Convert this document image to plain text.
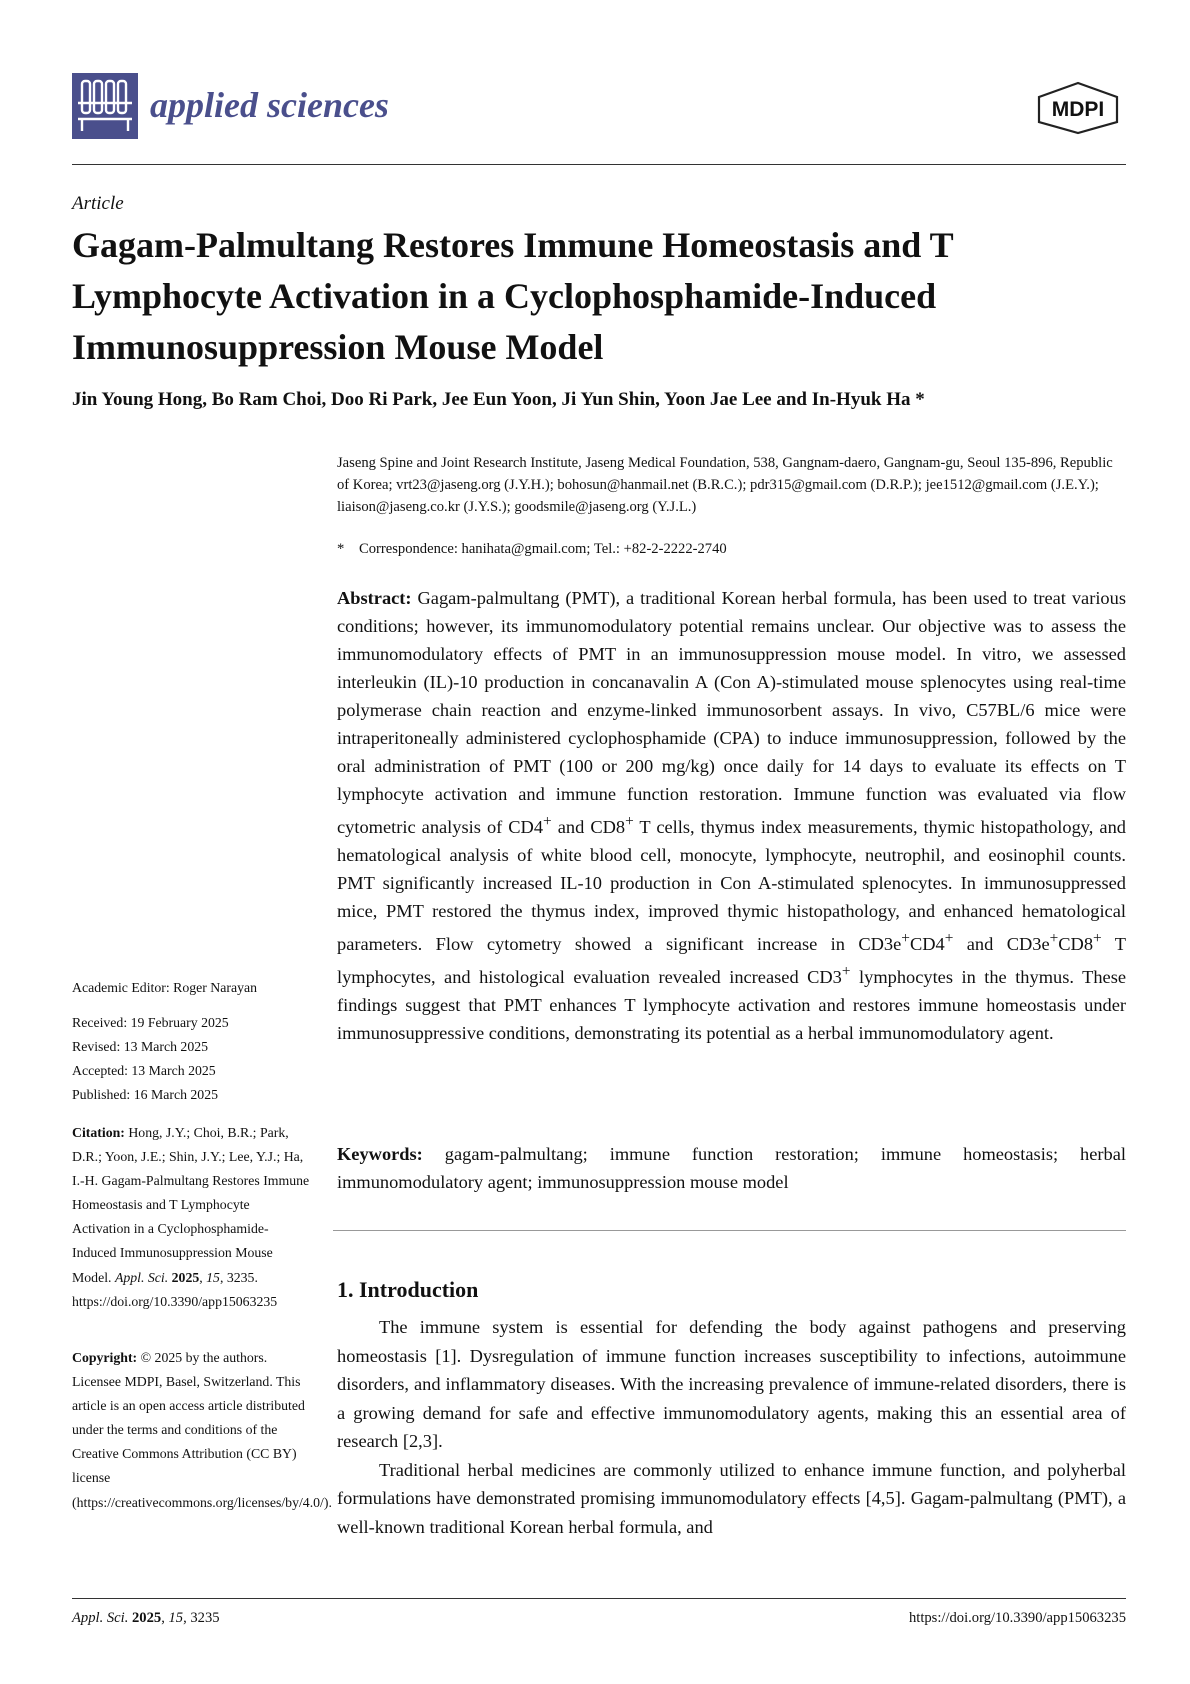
applied sciences	MDPI
Article
Gagam-Palmultang Restores Immune Homeostasis and T Lymphocyte Activation in a Cyclophosphamide-Induced Immunosuppression Mouse Model
Jin Young Hong, Bo Ram Choi, Doo Ri Park, Jee Eun Yoon, Ji Yun Shin, Yoon Jae Lee and In-Hyuk Ha *

Jaseng Spine and Joint Research Institute, Jaseng Medical Foundation, 538, Gangnam-daero, Gangnam-gu, Seoul 135-896, Republic of Korea; vrt23@jaseng.org (J.Y.H.); bohosun@hanmail.net (B.R.C.); pdr315@gmail.com (D.R.P.); jee1512@gmail.com (J.E.Y.); liaison@jaseng.co.kr (J.Y.S.); goodsmile@jaseng.org (Y.J.L.)

* Correspondence: hanihata@gmail.com; Tel.: +82-2-2222-2740

Abstract: Gagam-palmultang (PMT), a traditional Korean herbal formula, has been used to treat various conditions; however, its immunomodulatory potential remains unclear. Our objective was to assess the immunomodulatory effects of PMT in an immunosuppression mouse model. In vitro, we assessed interleukin (IL)-10 production in concanavalin A (Con A)-stimulated mouse splenocytes using real-time polymerase chain reaction and enzyme-linked immunosorbent assays. In vivo, C57BL/6 mice were intraperitoneally administered cyclophosphamide (CPA) to induce immunosuppression, followed by the oral administration of PMT (100 or 200 mg/kg) once daily for 14 days to evaluate its effects on T lymphocyte activation and immune function restoration. Immune function was evaluated via flow cytometric analysis of CD4+ and CD8+ T cells, thymus index measurements, thymic histopathology, and hematological analysis of white blood cell, monocyte, lymphocyte, neutrophil, and eosinophil counts. PMT significantly increased IL-10 production in Con A-stimulated splenocytes. In immunosuppressed mice, PMT restored the thymus index, improved thymic histopathology, and enhanced hematological parameters. Flow cytometry showed a significant increase in CD3e+CD4+ and CD3e+CD8+ T lymphocytes, and histological evaluation revealed increased CD3+ lymphocytes in the thymus. These findings suggest that PMT enhances T lymphocyte activation and restores immune homeostasis under immunosuppressive conditions, demonstrating its potential as a herbal immunomodulatory agent.

Keywords: gagam-palmultang; immune function restoration; immune homeostasis; herbal immunomodulatory agent; immunosuppression mouse model

1. Introduction

The immune system is essential for defending the body against pathogens and preserving homeostasis [1]. Dysregulation of immune function increases susceptibility to infections, autoimmune disorders, and inflammatory diseases. With the increasing prevalence of immune-related disorders, there is a growing demand for safe and effective immunomodulatory agents, making this an essential area of research [2,3].

Traditional herbal medicines are commonly utilized to enhance immune function, and polyherbal formulations have demonstrated promising immunomodulatory effects [4,5]. Gagam-palmultang (PMT), a well-known traditional Korean herbal formula, and

Academic Editor: Roger Narayan
Received: 19 February 2025
Revised: 13 March 2025
Accepted: 13 March 2025
Published: 16 March 2025
Citation: Hong, J.Y.; Choi, B.R.; Park, D.R.; Yoon, J.E.; Shin, J.Y.; Lee, Y.J.; Ha, I.-H. Gagam-Palmultang Restores Immune Homeostasis and T Lymphocyte Activation in a Cyclophosphamide-Induced Immunosuppression Mouse Model. Appl. Sci. 2025, 15, 3235. https://doi.org/10.3390/app15063235
Copyright: © 2025 by the authors. Licensee MDPI, Basel, Switzerland. This article is an open access article distributed under the terms and conditions of the Creative Commons Attribution (CC BY) license (https://creativecommons.org/licenses/by/4.0/).
Appl. Sci. 2025, 15, 3235	https://doi.org/10.3390/app15063235
